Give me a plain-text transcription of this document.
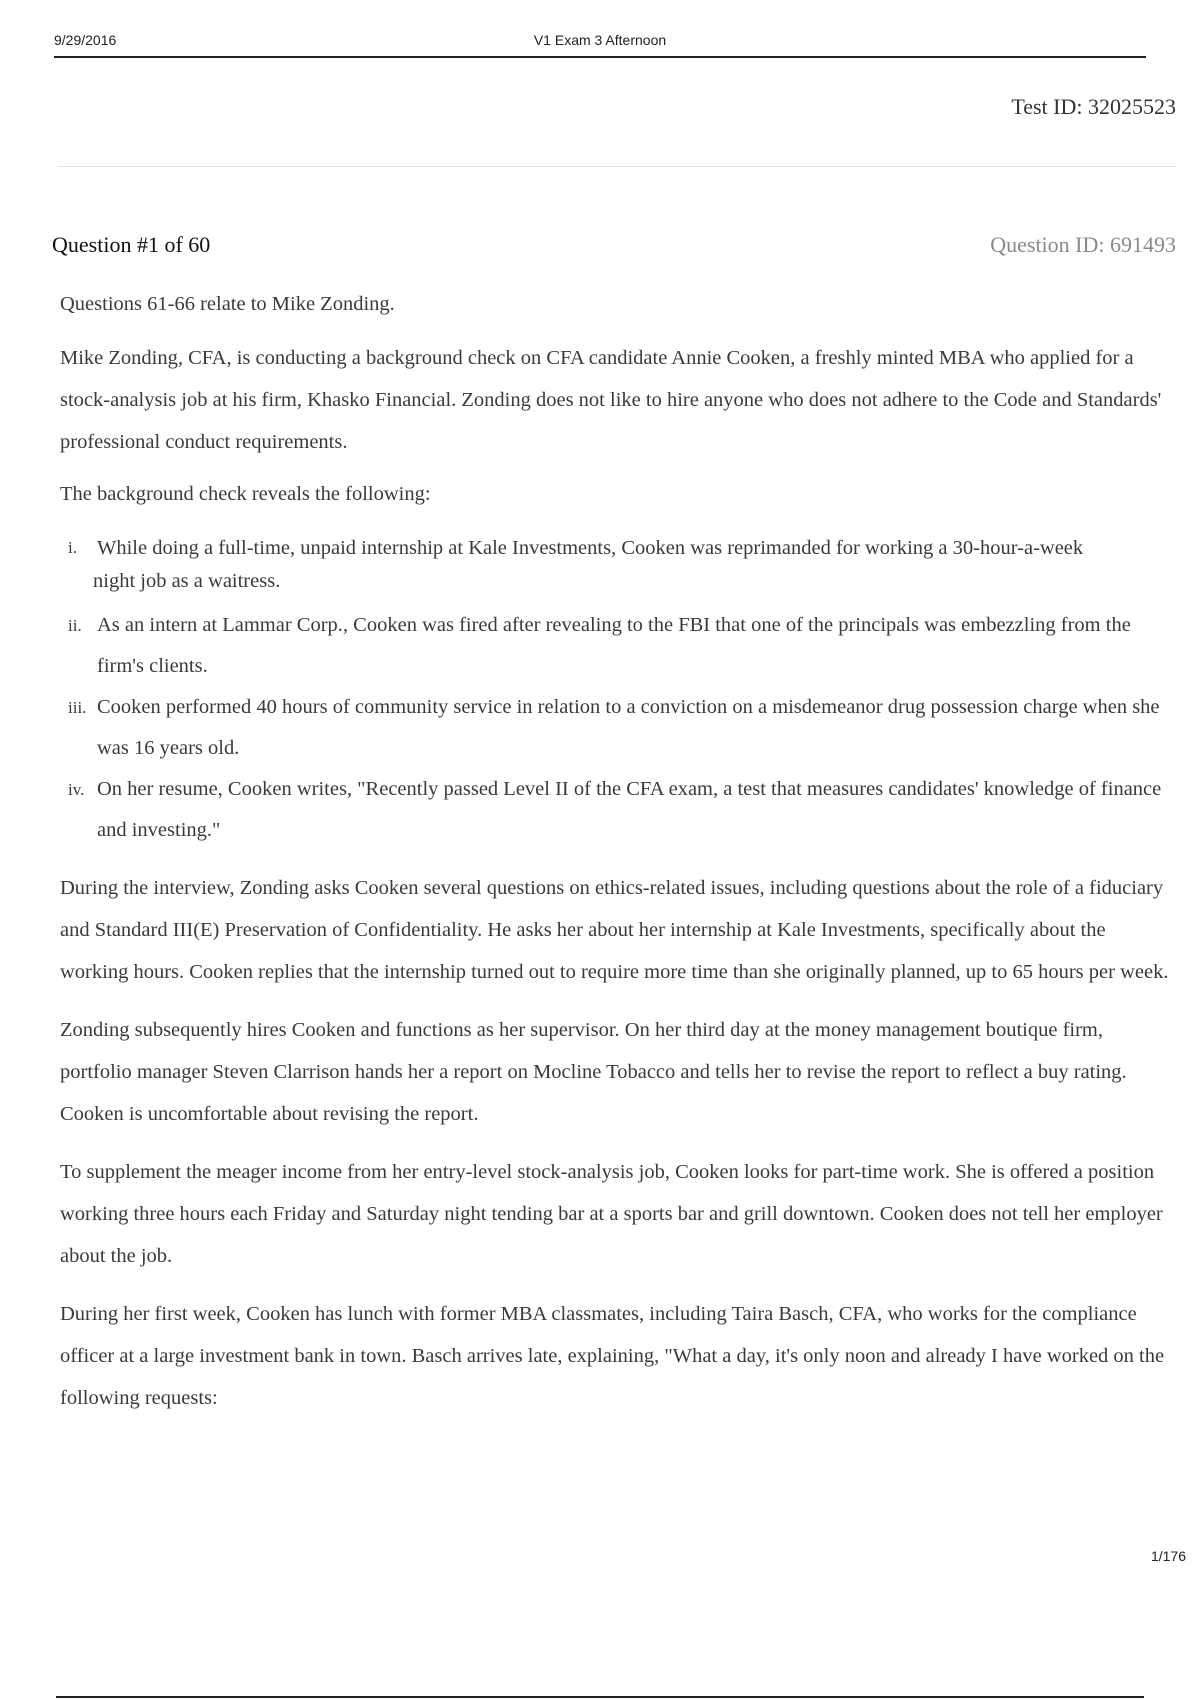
9/29/2016	V1 Exam 3 Afternoon
Test ID: 32025523
Question #1 of 60	Question ID: 691493

Questions 61-66 relate to Mike Zonding.

Mike Zonding, CFA, is conducting a background check on CFA candidate Annie Cooken, a freshly minted MBA who applied for a stock-analysis job at his firm, Khasko Financial. Zonding does not like to hire anyone who does not adhere to the Code and Standards' professional conduct requirements.

The background check reveals the following:

i. While doing a full-time, unpaid internship at Kale Investments, Cooken was reprimanded for working a 30-hour-a-week
night job as a waitress.
ii. As an intern at Lammar Corp., Cooken was fired after revealing to the FBI that one of the principals was embezzling from the firm's clients.
iii. Cooken performed 40 hours of community service in relation to a conviction on a misdemeanor drug possession charge when she was 16 years old.
iv. On her resume, Cooken writes, "Recently passed Level II of the CFA exam, a test that measures candidates' knowledge of finance and investing."

During the interview, Zonding asks Cooken several questions on ethics-related issues, including questions about the role of a fiduciary and Standard III(E) Preservation of Confidentiality. He asks her about her internship at Kale Investments, specifically about the working hours. Cooken replies that the internship turned out to require more time than she originally planned, up to 65 hours per week.

Zonding subsequently hires Cooken and functions as her supervisor. On her third day at the money management boutique firm, portfolio manager Steven Clarrison hands her a report on Mocline Tobacco and tells her to revise the report to reflect a buy rating. Cooken is uncomfortable about revising the report.

To supplement the meager income from her entry-level stock-analysis job, Cooken looks for part-time work. She is offered a position working three hours each Friday and Saturday night tending bar at a sports bar and grill downtown. Cooken does not tell her employer about the job.

During her first week, Cooken has lunch with former MBA classmates, including Taira Basch, CFA, who works for the compliance officer at a large investment bank in town. Basch arrives late, explaining, "What a day, it's only noon and already I have worked on the following requests:

1/176
